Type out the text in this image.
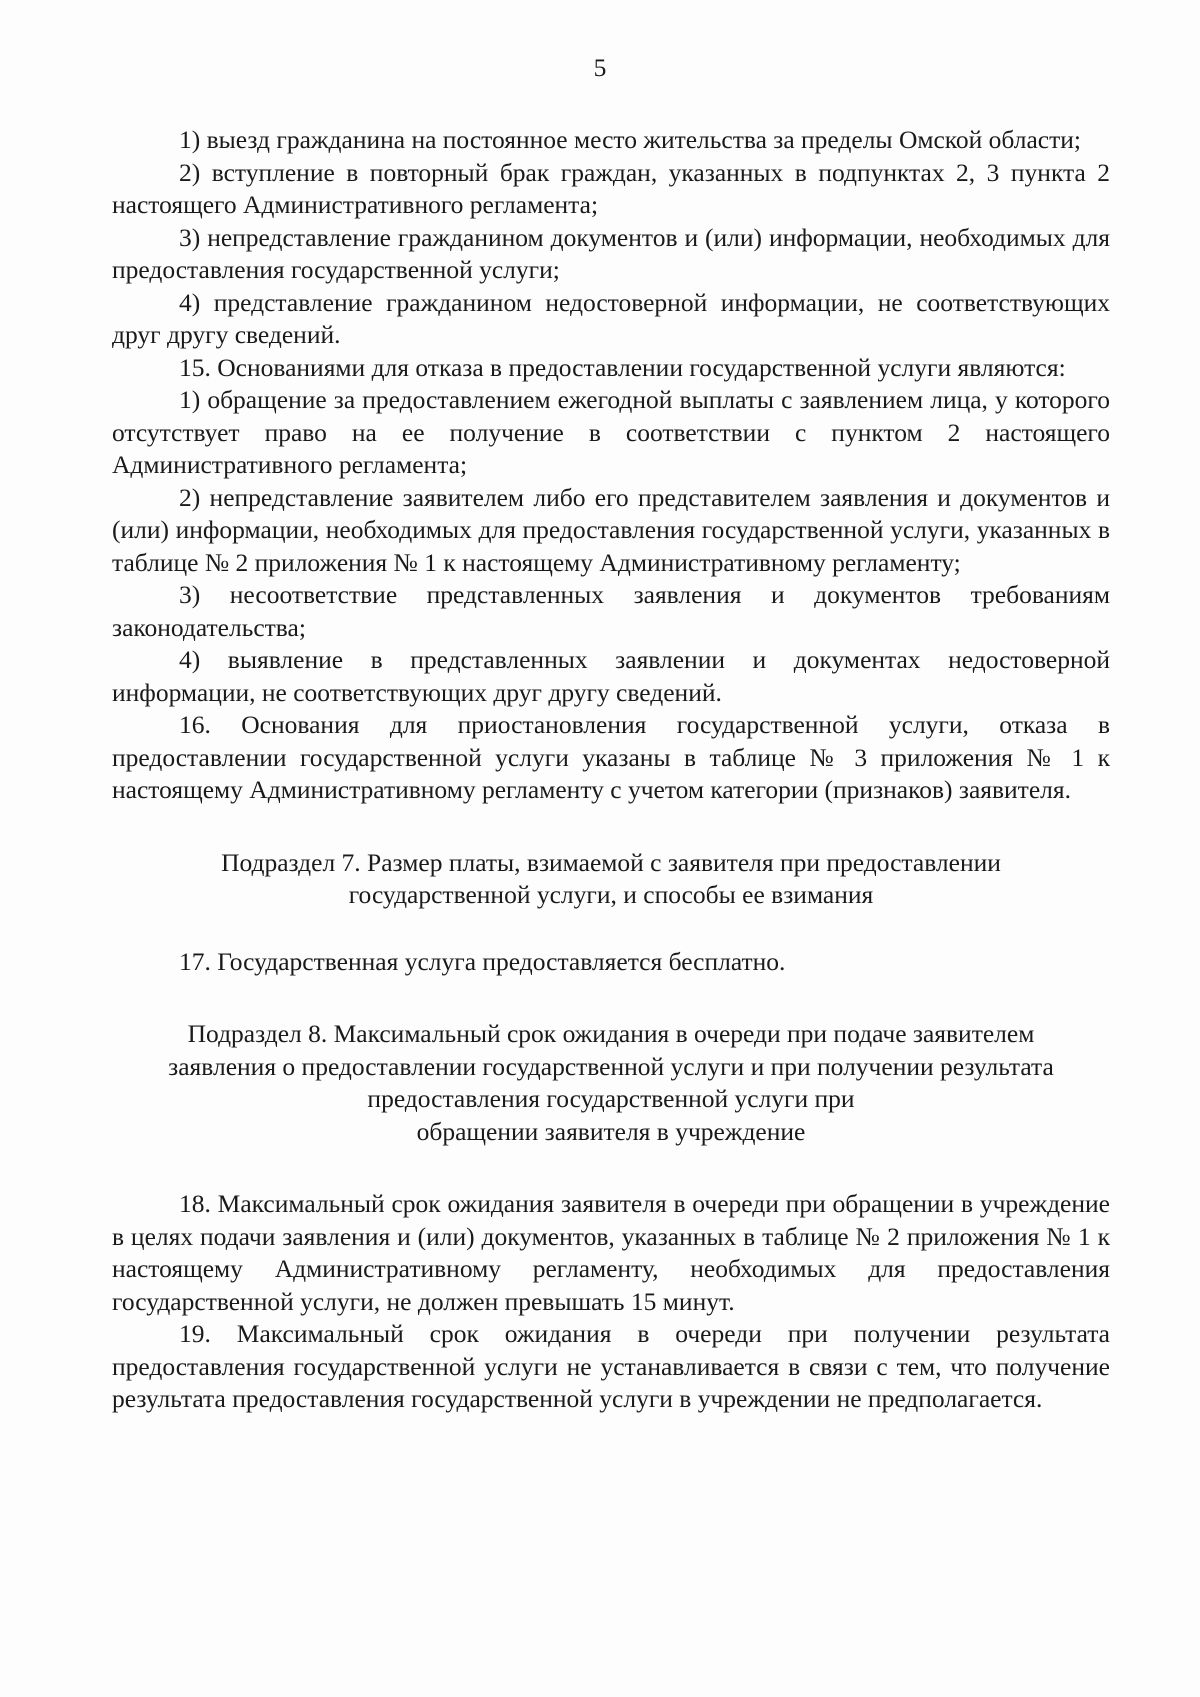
5

1) выезд гражданина на постоянное место жительства за пределы Омской области;

2) вступление в повторный брак граждан, указанных в подпунктах 2, 3 пункта 2 настоящего Административного регламента;

3) непредставление гражданином документов и (или) информации, необходимых для предоставления государственной услуги;

4) представление гражданином недостоверной информации, не соответствующих друг другу сведений.

15. Основаниями для отказа в предоставлении государственной услуги являются:

1) обращение за предоставлением ежегодной выплаты с заявлением лица, у которого отсутствует право на ее получение в соответствии с пунктом 2 настоящего Административного регламента;

2) непредставление заявителем либо его представителем заявления и документов и (или) информации, необходимых для предоставления государственной услуги, указанных в таблице № 2 приложения № 1 к настоящему Административному регламенту;

3) несоответствие представленных заявления и документов требованиям законодательства;

4) выявление в представленных заявлении и документах недостоверной информации, не соответствующих друг другу сведений.

16. Основания для приостановления государственной услуги, отказа в предоставлении государственной услуги указаны в таблице № 3 приложения № 1 к настоящему Административному регламенту с учетом категории (признаков) заявителя.

Подраздел 7. Размер платы, взимаемой с заявителя при предоставлении
государственной услуги, и способы ее взимания

17. Государственная услуга предоставляется бесплатно.

Подраздел 8. Максимальный срок ожидания в очереди при подаче заявителем
заявления о предоставлении государственной услуги и при получении результата
предоставления государственной услуги при
обращении заявителя в учреждение

18. Максимальный срок ожидания заявителя в очереди при обращении в учреждение в целях подачи заявления и (или) документов, указанных в таблице № 2 приложения № 1 к настоящему Административному регламенту, необходимых для предоставления государственной услуги, не должен превышать 15 минут.

19. Максимальный срок ожидания в очереди при получении результата предоставления государственной услуги не устанавливается в связи с тем, что получение результата предоставления государственной услуги в учреждении не предполагается.
